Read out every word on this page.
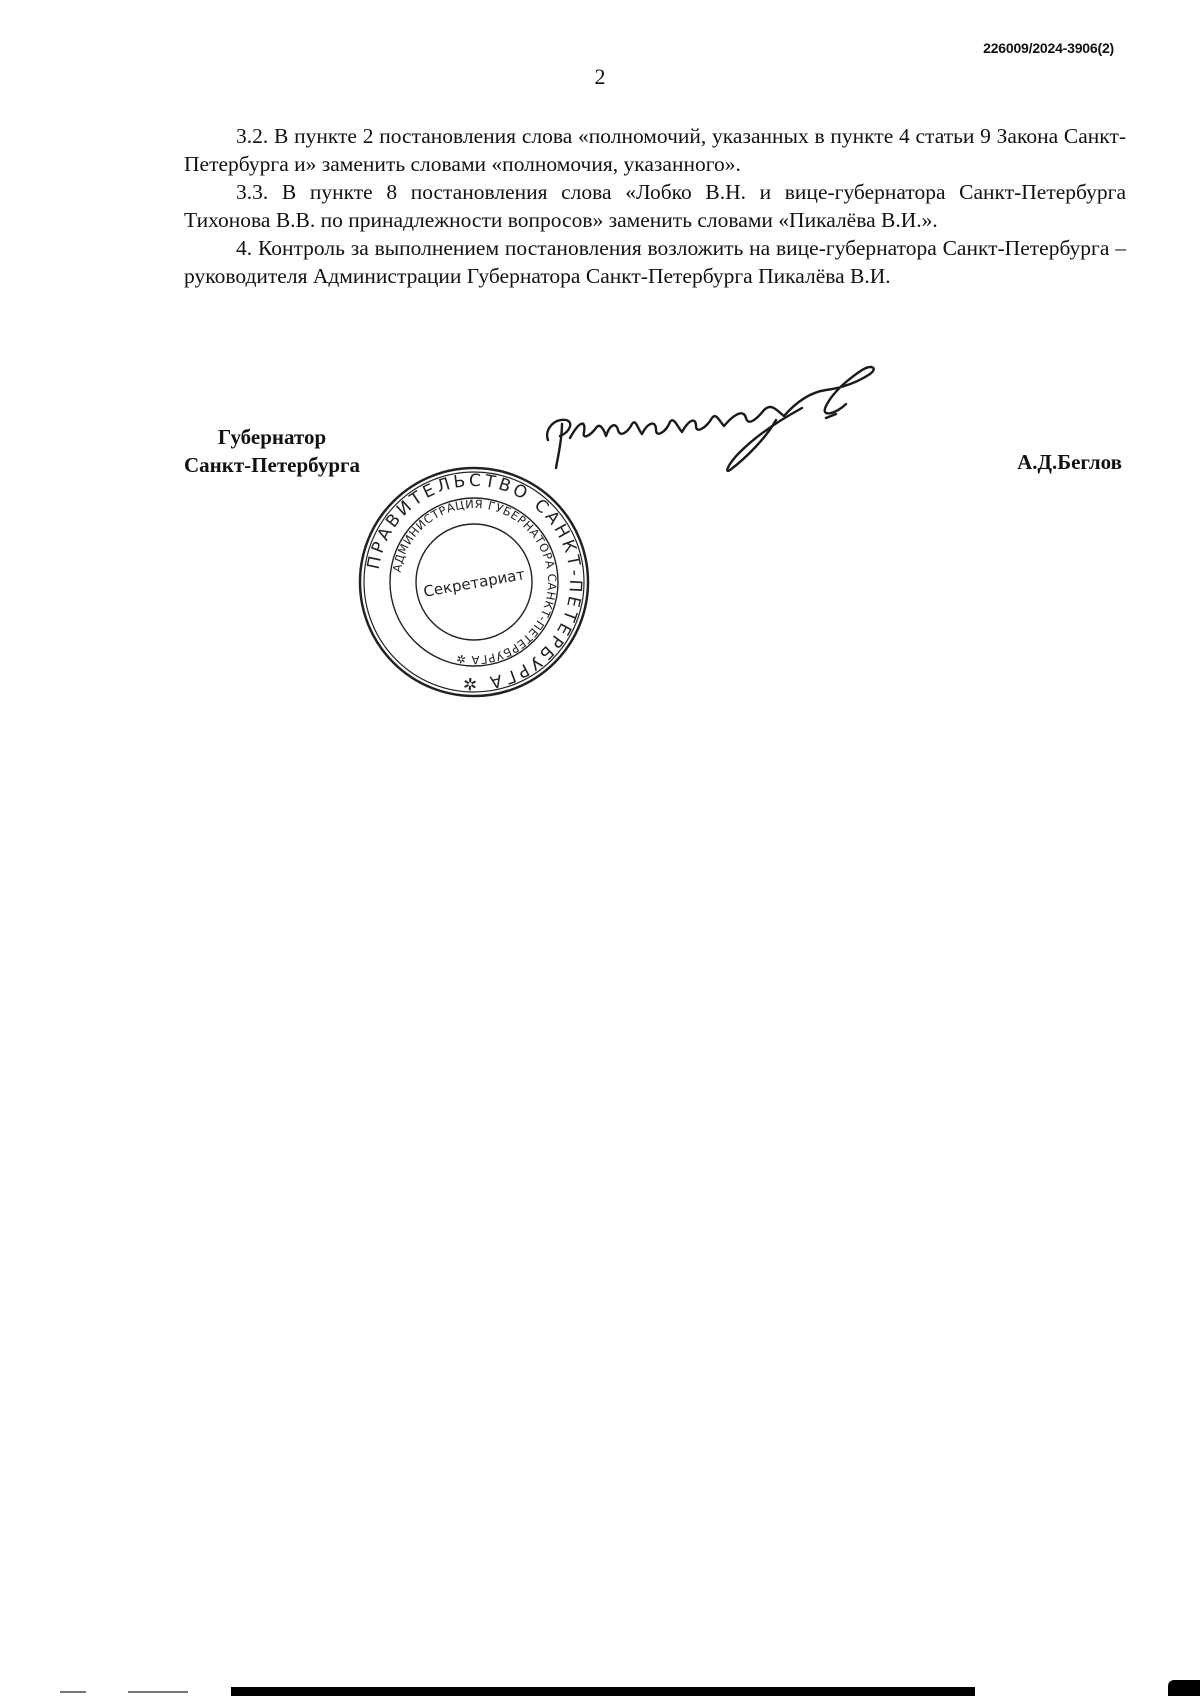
226009/2024-3906(2)
2

3.2. В пункте 2 постановления слова «полномочий, указанных в пункте 4 статьи 9 Закона Санкт-Петербурга и» заменить словами «полномочия, указанного».

3.3. В пункте 8 постановления слова «Лобко В.Н. и вице-губернатора Санкт-Петербурга Тихонова В.В. по принадлежности вопросов» заменить словами «Пикалёва В.И.».

4. Контроль за выполнением постановления возложить на вице-губернатора Санкт-Петербурга – руководителя Администрации Губернатора Санкт-Петербурга Пикалёва В.И.

Губернатор
Санкт-Петербурга	А.Д.Беглов
ПРАВИТЕЛЬСТВО САНКТ-ПЕТЕРБУРГА ✲
АДМИНИСТРАЦИЯ ГУБЕРНАТОРА САНКТ-ПЕТЕРБУРГА ✲
Секретариат
